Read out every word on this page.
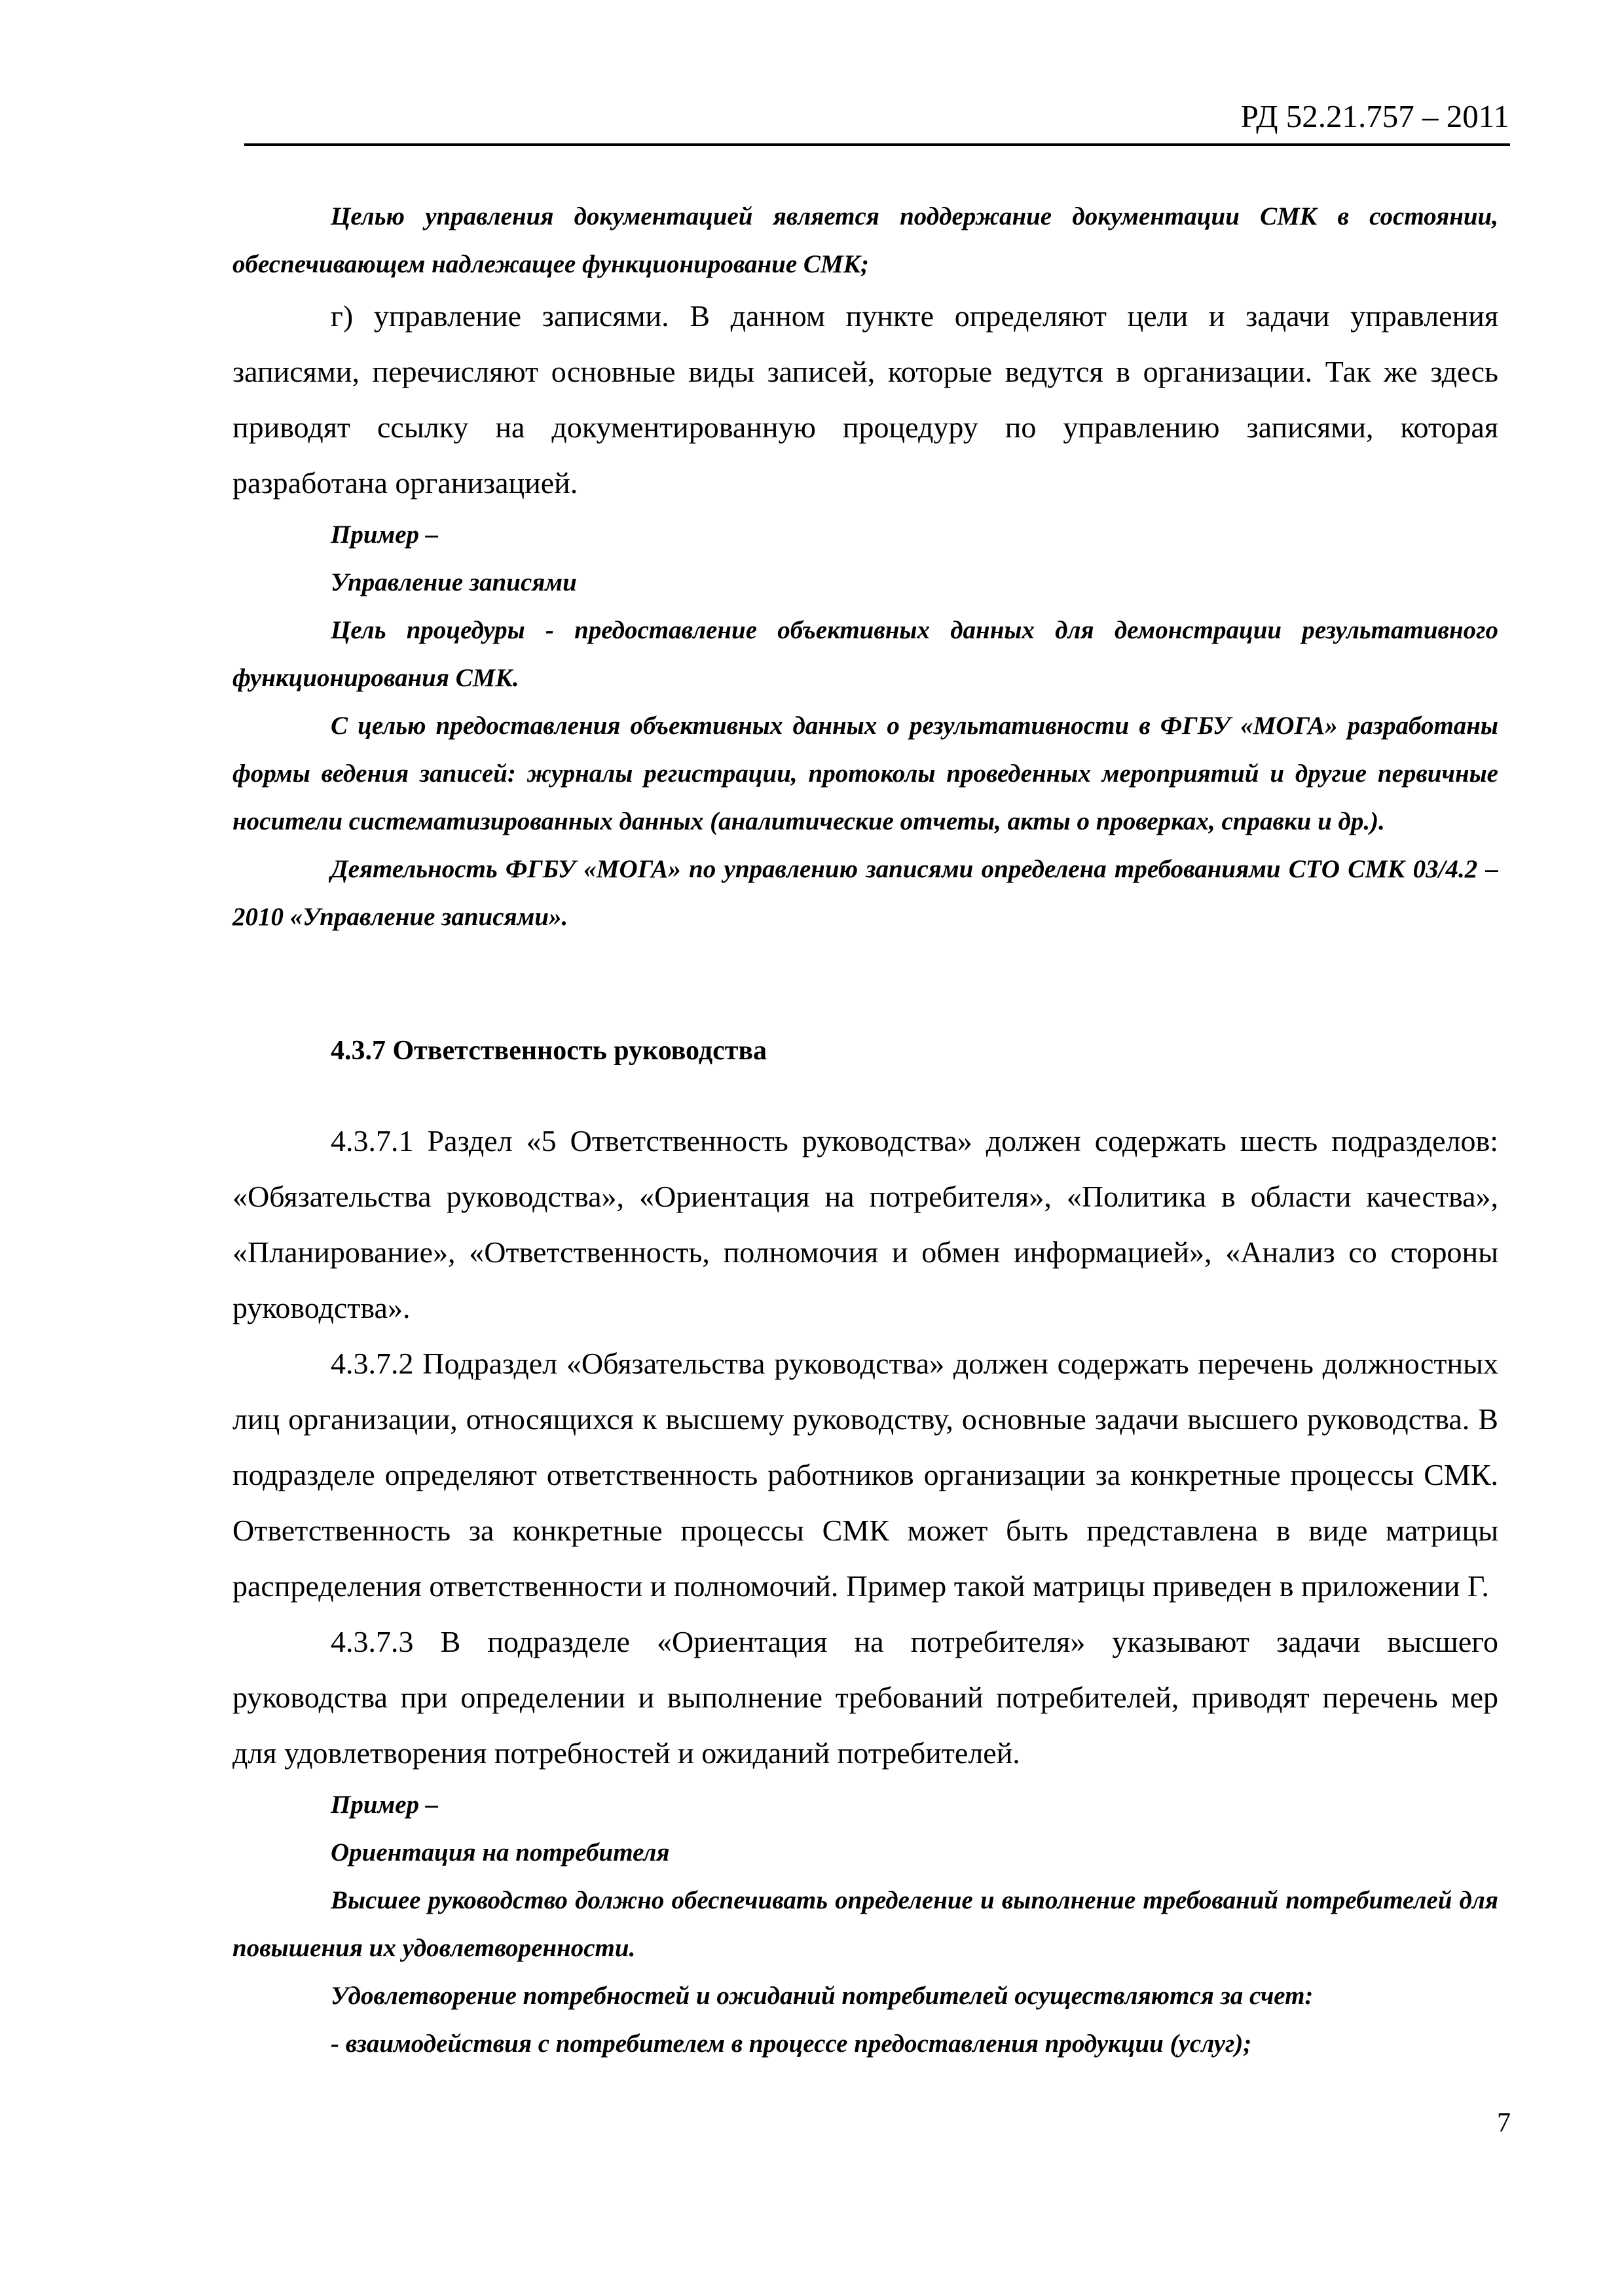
РД 52.21.757 – 2011

Целью управления документацией является поддержание документации СМК в состоянии, обеспечивающем надлежащее функционирование СМК;

г) управление записями. В данном пункте определяют цели и задачи управления записями, перечисляют основные виды записей, которые ведутся в организации. Так же здесь приводят ссылку на документированную процедуру по управлению записями, которая разработана организацией.

Пример –

Управление записями

Цель процедуры - предоставление объективных данных для демонстрации результативного функционирования СМК.

С целью предоставления объективных данных о результативности в ФГБУ «МОГА» разработаны формы ведения записей: журналы регистрации, протоколы проведенных мероприятий и другие первичные носители систематизированных данных (аналитические отчеты, акты о проверках, справки и др.).

Деятельность ФГБУ «МОГА» по управлению записями определена требованиями СТО СМК 03/4.2 – 2010 «Управление записями».

4.3.7 Ответственность руководства

4.3.7.1 Раздел «5 Ответственность руководства» должен содержать шесть подразделов: «Обязательства руководства», «Ориентация на потребителя», «Политика в области качества», «Планирование», «Ответственность, полномочия и обмен информацией», «Анализ со стороны руководства».

4.3.7.2 Подраздел «Обязательства руководства» должен содержать перечень должностных лиц организации, относящихся к высшему руководству, основные задачи высшего руководства. В подразделе определяют ответственность работников организации за конкретные процессы СМК. Ответственность за конкретные процессы СМК может быть представлена в виде матрицы распределения ответственности и полномочий. Пример такой матрицы приведен в приложении Г.

4.3.7.3 В подразделе «Ориентация на потребителя» указывают задачи высшего руководства при определении и выполнение требований потребителей, приводят перечень мер для удовлетворения потребностей и ожиданий потребителей.

Пример –

Ориентация на потребителя

Высшее руководство должно обеспечивать определение и выполнение требований потребителей для повышения их удовлетворенности.

Удовлетворение потребностей и ожиданий потребителей осуществляются за счет:

- взаимодействия с потребителем в процессе предоставления продукции (услуг);

7
